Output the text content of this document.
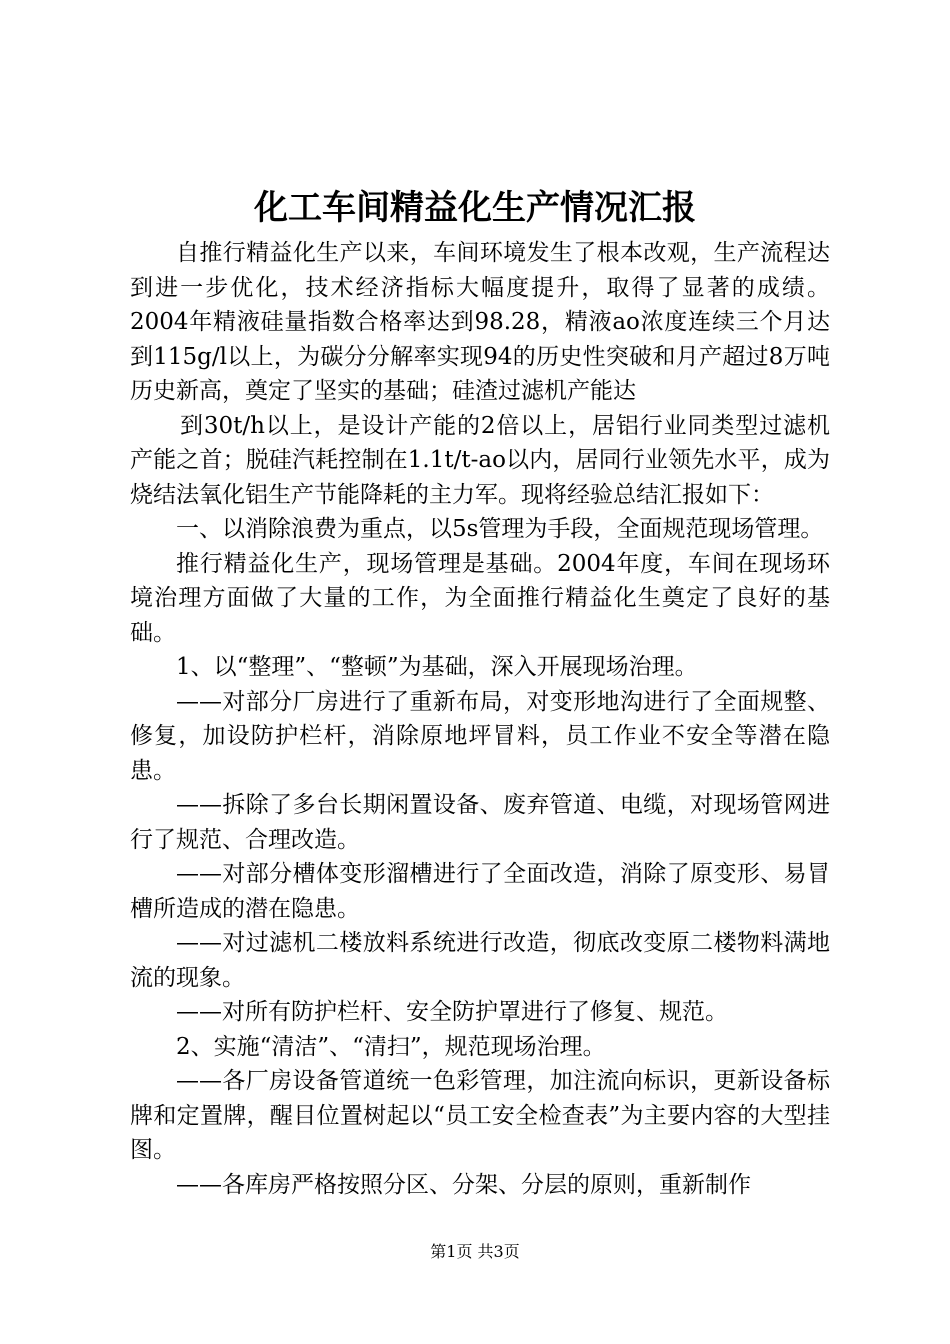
化工车间精益化生产情况汇报

自推行精益化生产以来，车间环境发生了根本改观，生产流程达到进一步优化，技术经济指标大幅度提升，取得了显著的成绩。2004年精液硅量指数合格率达到98.28，精液ao浓度连续三个月达到115g/l以上，为碳分分解率实现94的历史性突破和月产超过8万吨历史新高，奠定了坚实的基础；硅渣过滤机产能达

到30t/h以上，是设计产能的2倍以上，居铝行业同类型过滤机产能之首；脱硅汽耗控制在1.1t/t-ao以内，居同行业领先水平，成为烧结法氧化铝生产节能降耗的主力军。现将经验总结汇报如下：

一、以消除浪费为重点，以5s管理为手段，全面规范现场管理。

推行精益化生产，现场管理是基础。2004年度，车间在现场环境治理方面做了大量的工作，为全面推行精益化生奠定了良好的基础。

1、以“整理”、“整顿”为基础，深入开展现场治理。

——对部分厂房进行了重新布局，对变形地沟进行了全面规整、修复，加设防护栏杆，消除原地坪冒料，员工作业不安全等潜在隐患。

——拆除了多台长期闲置设备、废弃管道、电缆，对现场管网进行了规范、合理改造。

——对部分槽体变形溜槽进行了全面改造，消除了原变形、易冒槽所造成的潜在隐患。

——对过滤机二楼放料系统进行改造，彻底改变原二楼物料满地流的现象。

——对所有防护栏杆、安全防护罩进行了修复、规范。

2、实施“清洁”、“清扫”，规范现场治理。

——各厂房设备管道统一色彩管理，加注流向标识，更新设备标牌和定置牌，醒目位置树起以“员工安全检查表”为主要内容的大型挂图。

——各库房严格按照分区、分架、分层的原则，重新制作

第1页 共3页
